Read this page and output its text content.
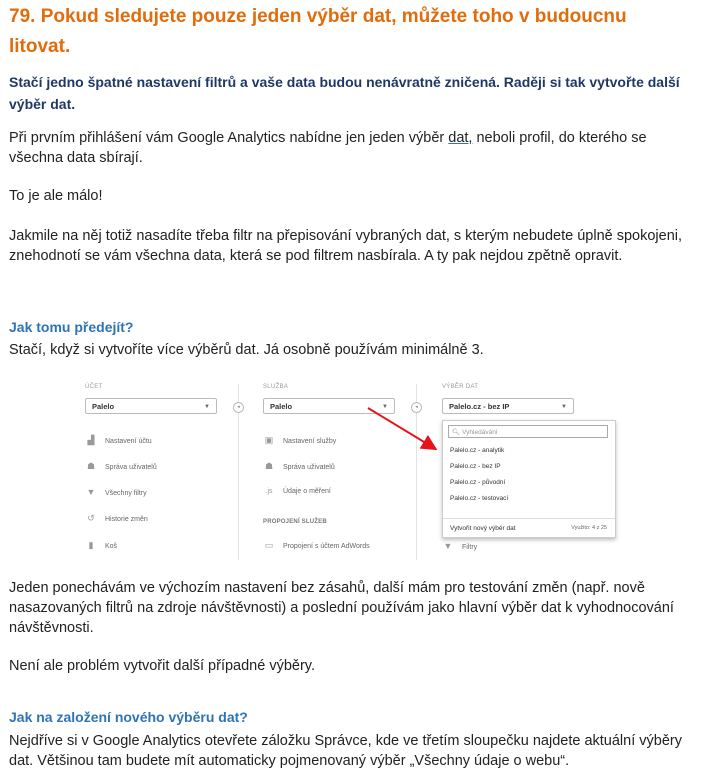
79. Pokud sledujete pouze jeden výběr dat, můžete toho v budoucnu
litovat.
Stačí jedno špatné nastavení filtrů a vaše data budou nenávratně zničená. Raději si tak vytvořte další výběr dat.
Při prvním přihlášení vám Google Analytics nabídne jen jeden výběr dat, neboli profil, do kterého se všechna data sbírají.
To je ale málo!
Jakmile na něj totiž nasadíte třeba filtr na přepisování vybraných dat, s kterým nebudete úplně spokojeni, znehodnotí se vám všechna data, která se pod filtrem nasbírala. A ty pak nejdou zpětně opravit.
Jak tomu předejít?
Stačí, když si vytvoříte více výběrů dat. Já osobně používám minimálně 3.
Jeden ponechávám ve výchozím nastavení bez zásahů, další mám pro testování změn (např. nově nasazovaných filtrů na zdroje návštěvnosti) a poslední používám jako hlavní výběr dat k vyhodnocování návštěvnosti.
Není ale problém vytvořit další případné výběry.
Jak na založení nového výběru dat?
Nejdříve si v Google Analytics otevřete záložku Správce, kde ve třetím sloupečku najdete aktuální výběry dat. Většinou tam budete mít automaticky pojmenovaný výběr „Všechny údaje o webu“.
ÚČET
Palelo	▼
▟ Nastavení účtu
☗ Správa uživatelů
▼ Všechny filtry
↺ Historie změn
▮ Koš
◂
SLUŽBA
Palelo	▼
▣ Nastavení služby
☗ Správa uživatelů
.js Údaje o měření
PROPOJENÍ SLUŽEB
▭ Propojení s účtem AdWords
◂
VÝBĚR DAT
Palelo.cz - bez IP	▼
🔍︎ Vyhledávání
Palelo.cz - analytik
Palelo.cz - bez IP
Palelo.cz - původní
Palelo.cz - testovací
Vytvořit nový výběr dat	Využito: 4 z 25
▼ Filtry
